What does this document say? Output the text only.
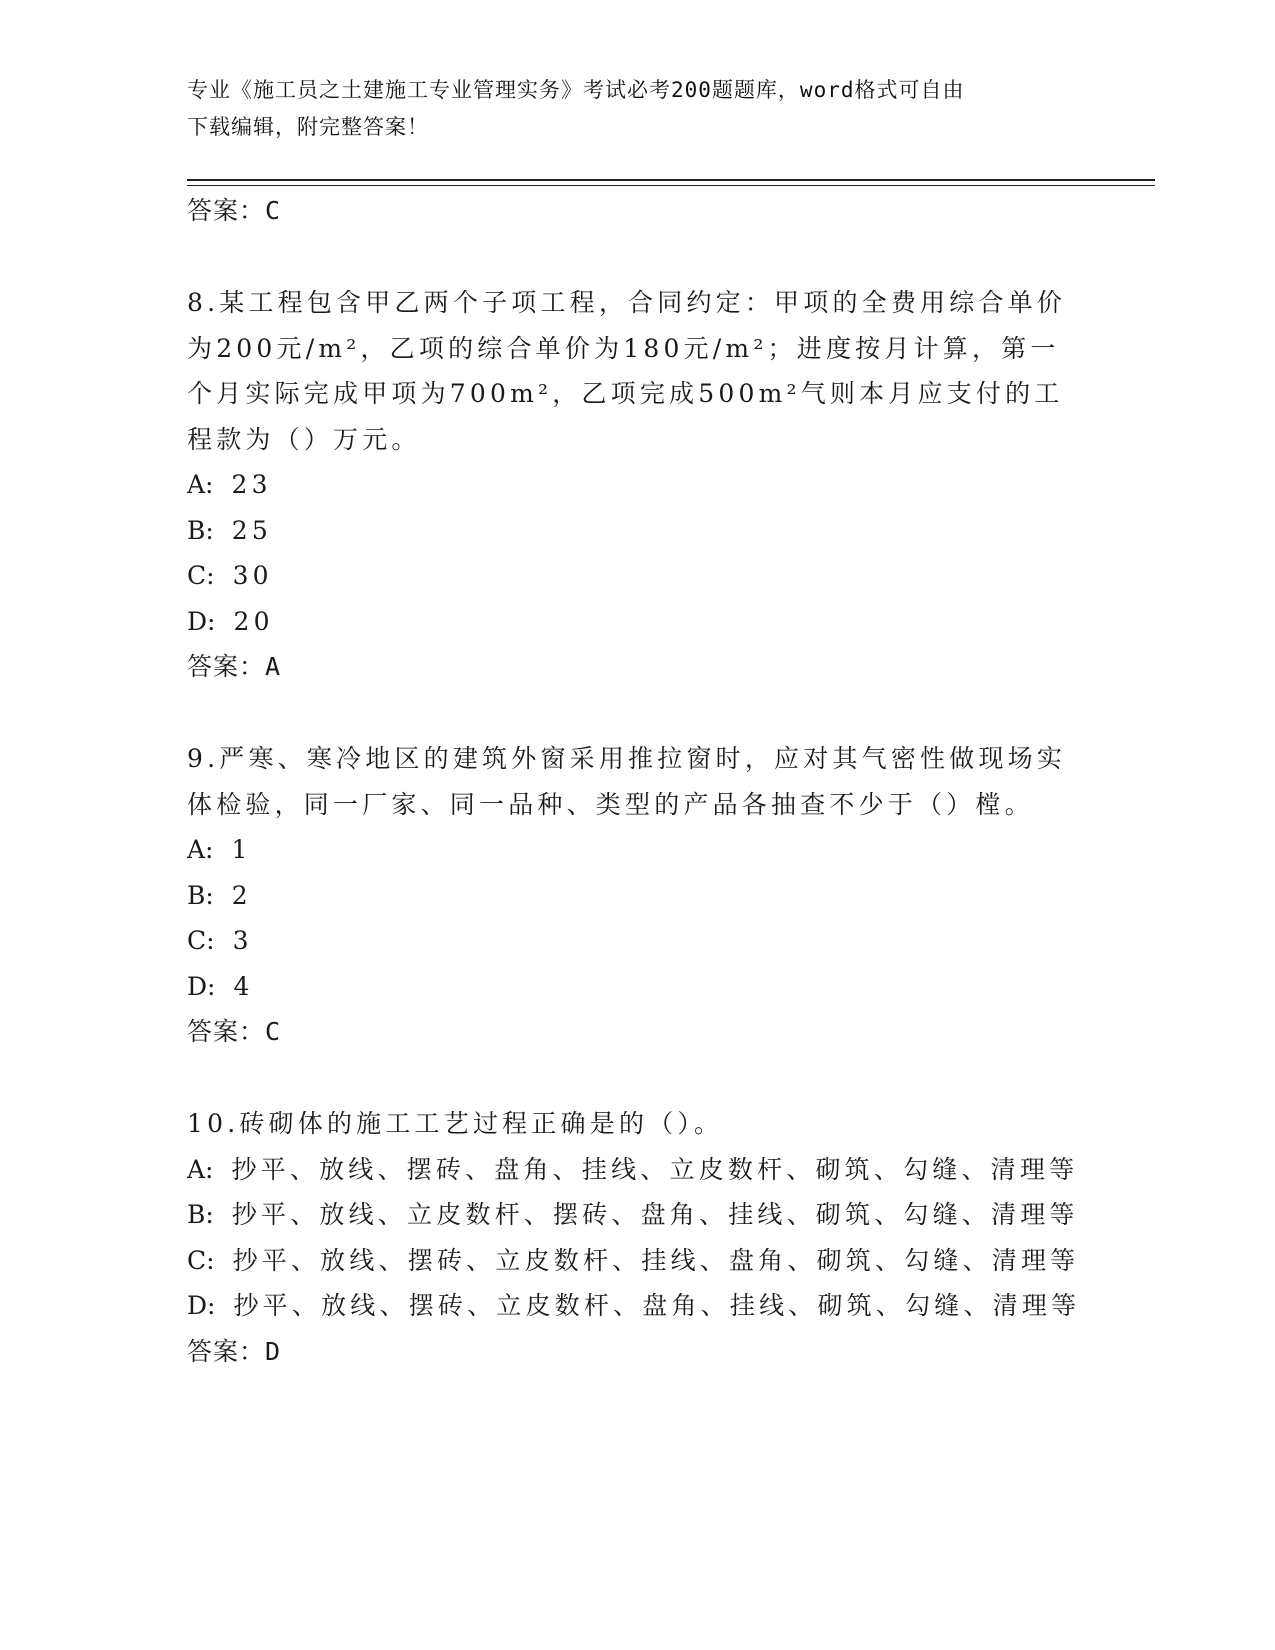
专业《施工员之土建施工专业管理实务》考试必考200题题库，word格式可自由
下载编辑，附完整答案！
答案：C
8.某工程包含甲乙两个子项工程，合同约定：甲项的全费用综合单价为200元/m²，乙项的综合单价为180元/m²；进度按月计算，第一个月实际完成甲项为700m²，乙项完成500m²气则本月应支付的工程款为（）万元。
A: 23
B: 25
C: 30
D: 20
答案：A
9.严寒、寒冷地区的建筑外窗采用推拉窗时，应对其气密性做现场实体检验，同一厂家、同一品种、类型的产品各抽查不少于（）樘。
A: 1
B: 2
C: 3
D: 4
答案：C
10.砖砌体的施工工艺过程正确是的（）。
A: 抄平、放线、摆砖、盘角、挂线、立皮数杆、砌筑、勾缝、清理等
B: 抄平、放线、立皮数杆、摆砖、盘角、挂线、砌筑、勾缝、清理等
C: 抄平、放线、摆砖、立皮数杆、挂线、盘角、砌筑、勾缝、清理等
D: 抄平、放线、摆砖、立皮数杆、盘角、挂线、砌筑、勾缝、清理等
答案：D
